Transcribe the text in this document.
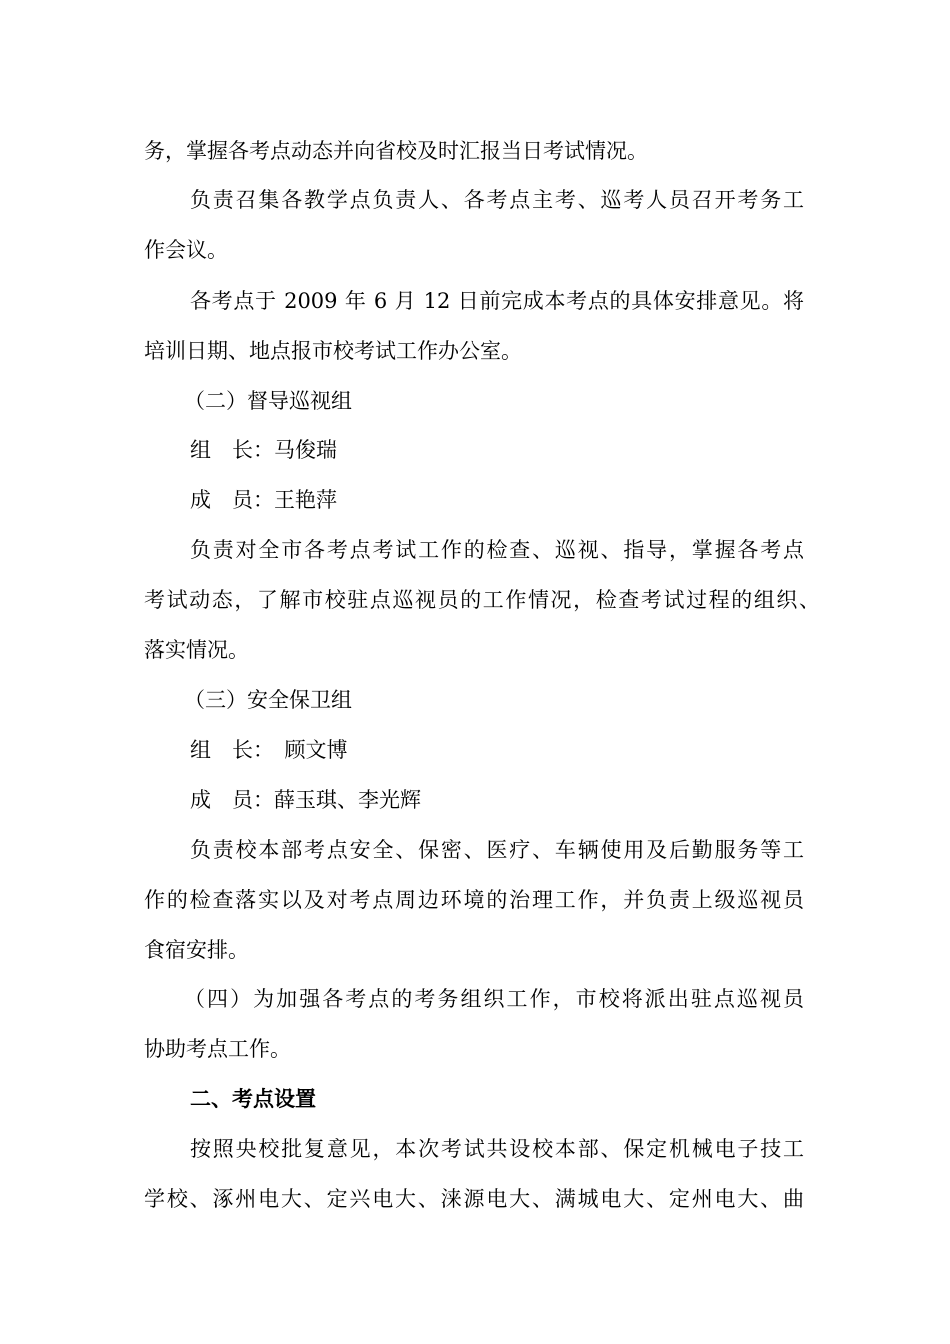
务，掌握各考点动态并向省校及时汇报当日考试情况。
负责召集各教学点负责人、各考点主考、巡考人员召开考务工
作会议。
各考点于 2009 年 6 月 12 日前完成本考点的具体安排意见。将
培训日期、地点报市校考试工作办公室。
（二）督导巡视组
组　长：马俊瑞
成　员：王艳萍
负责对全市各考点考试工作的检查、巡视、指导，掌握各考点
考试动态，了解市校驻点巡视员的工作情况，检查考试过程的组织、
落实情况。
（三）安全保卫组
组　长：　顾文博
成　员：薛玉琪、李光辉
负责校本部考点安全、保密、医疗、车辆使用及后勤服务等工
作的检查落实以及对考点周边环境的治理工作，并负责上级巡视员
食宿安排。
（四）为加强各考点的考务组织工作，市校将派出驻点巡视员
协助考点工作。
二、考点设置
按照央校批复意见，本次考试共设校本部、保定机械电子技工
学校、涿州电大、定兴电大、涞源电大、满城电大、定州电大、曲
